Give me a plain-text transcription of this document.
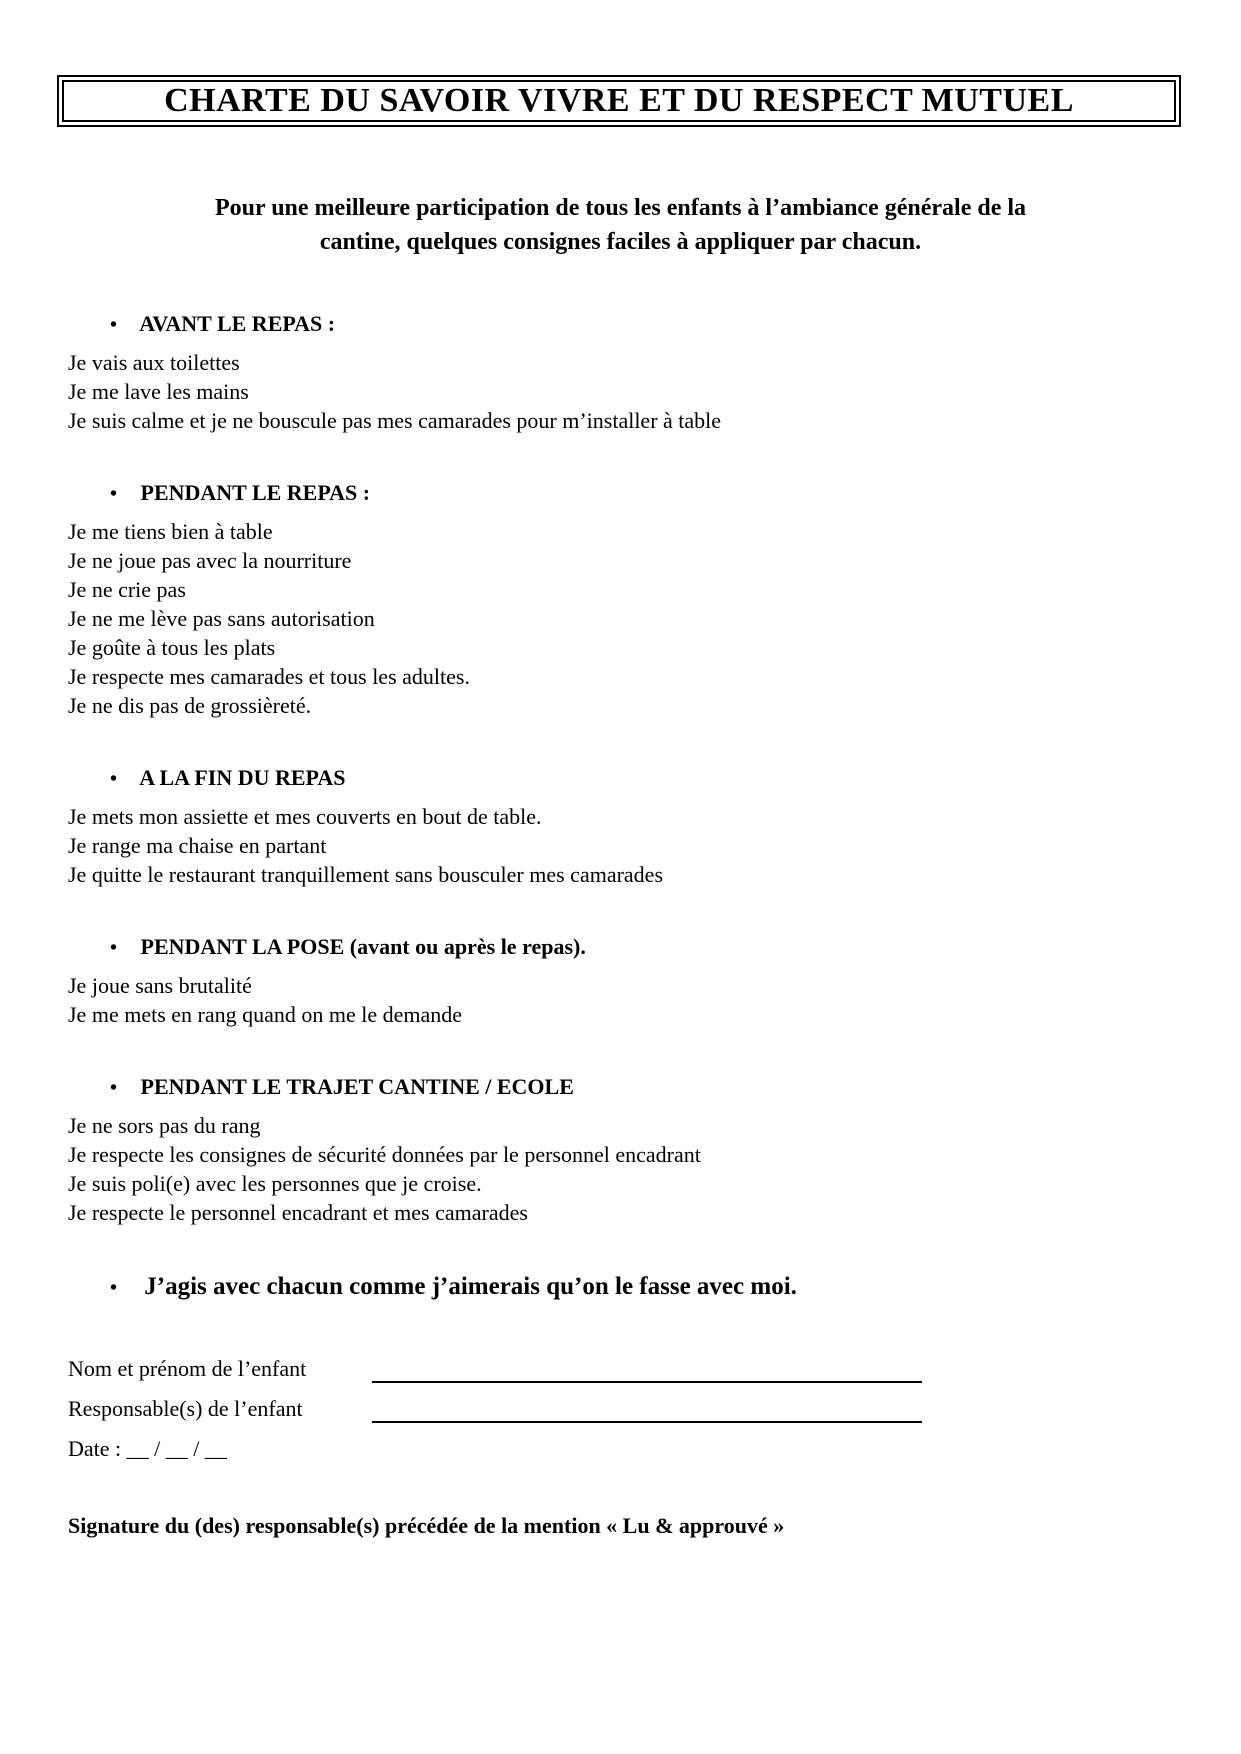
CHARTE DU SAVOIR VIVRE ET DU RESPECT MUTUEL
Pour une meilleure participation de tous les enfants à l’ambiance générale de la
cantine, quelques consignes faciles à appliquer par chacun.
• AVANT LE REPAS :

Je vais aux toilettes

Je me lave les mains

Je suis calme et je ne bouscule pas mes camarades pour m’installer à table

• PENDANT LE REPAS :

Je me tiens bien à table

Je ne joue pas avec la nourriture

Je ne crie pas

Je ne me lève pas sans autorisation

Je goûte à tous les plats

Je respecte mes camarades et tous les adultes.

Je ne dis pas de grossièreté.

• A LA FIN DU REPAS

Je mets mon assiette et mes couverts en bout de table.

Je range ma chaise en partant

Je quitte le restaurant tranquillement sans bousculer mes camarades

• PENDANT LA POSE (avant ou après le repas).

Je joue sans brutalité

Je me mets en rang quand on me le demande

• PENDANT LE TRAJET CANTINE / ECOLE

Je ne sors pas du rang

Je respecte les consignes de sécurité données par le personnel encadrant

Je suis poli(e) avec les personnes que je croise.

Je respecte le personnel encadrant et mes camarades

• J’agis avec chacun comme j’aimerais qu’on le fasse avec moi.
Nom et prénom de l’enfant
Responsable(s) de l’enfant
Date :
__ / __ / __

Signature du (des) responsable(s) précédée de la mention « Lu & approuvé »
